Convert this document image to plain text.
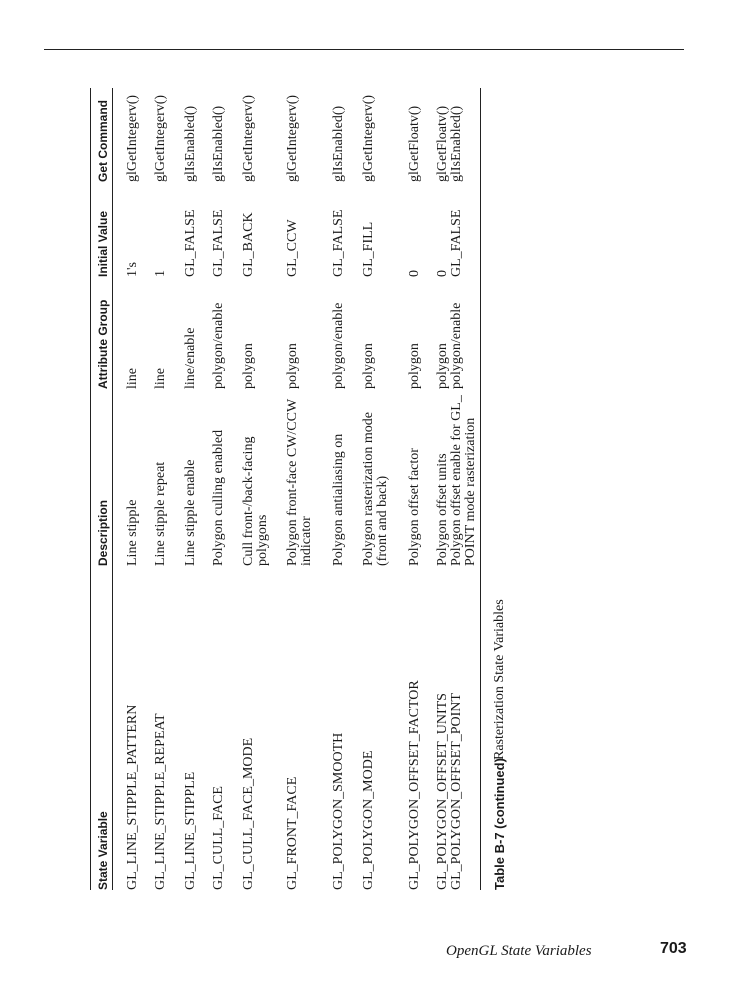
State Variable
Description
Attribute Group
Initial Value
Get Command
GL_LINE_STIPPLE_PATTERN
Line stipple
line
1's
glGetIntegerv()
GL_LINE_STIPPLE_REPEAT
Line stipple repeat
line
1
glGetIntegerv()
GL_LINE_STIPPLE
Line stipple enable
line/enable
GL_FALSE
glIsEnabled()
GL_CULL_FACE
Polygon culling enabled
polygon/enable
GL_FALSE
glIsEnabled()
GL_CULL_FACE_MODE
Cull front-/back-facing polygons
polygon
GL_BACK
glGetIntegerv()
GL_FRONT_FACE
Polygon front-face CW/CCW indicator
polygon
GL_CCW
glGetIntegerv()
GL_POLYGON_SMOOTH
Polygon antialiasing on
polygon/enable
GL_FALSE
glIsEnabled()
GL_POLYGON_MODE
Polygon rasterization mode (front and back)
polygon
GL_FILL
glGetIntegerv()
GL_POLYGON_OFFSET_FACTOR
Polygon offset factor
polygon
0
glGetFloatv()
GL_POLYGON_OFFSET_UNITS
Polygon offset units
polygon
0
glGetFloatv()
GL_POLYGON_OFFSET_POINT
Polygon offset enable for GL_ POINT mode rasterization
polygon/enable
GL_FALSE
glIsEnabled()
Table B-7 (continued)
Rasterization State Variables
OpenGL State Variables	703
